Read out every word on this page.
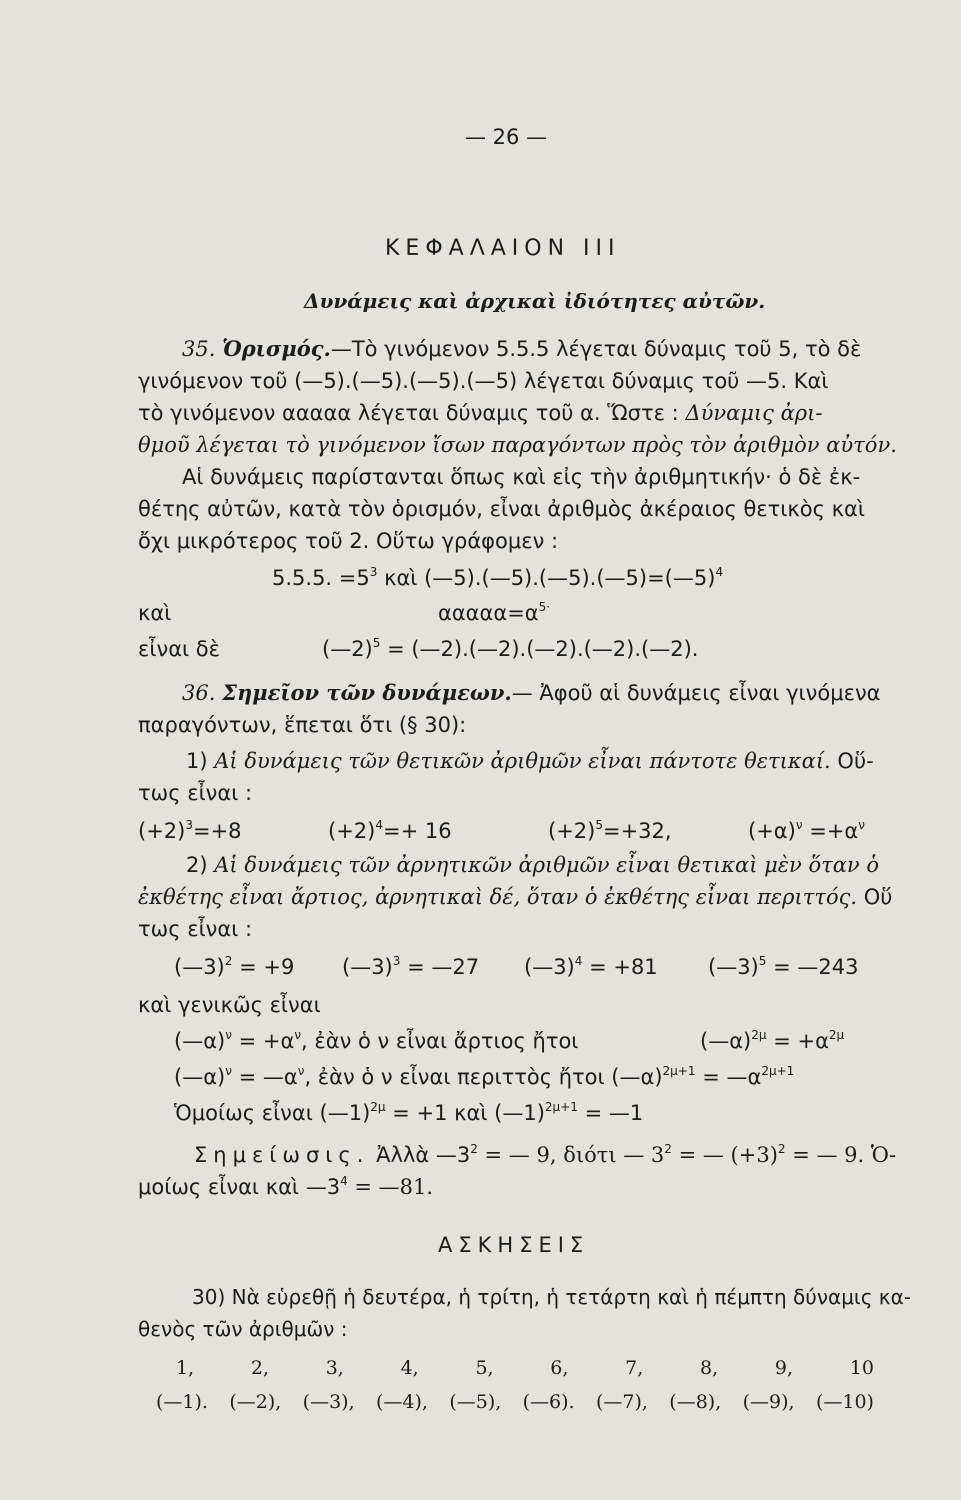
— 26 —
ΚΕΦΑΛΑΙΟΝ III
Δυνάμεις καὶ ἀρχικαὶ ἰδιότητες αὐτῶν.
35. Ὁρισμός.—Τὸ γινόμενον 5.5.5 λέγεται δύναμις τοῦ 5, τὸ δὲ
γινόμενον τοῦ (—5).(—5).(—5).(—5) λέγεται δύναμις τοῦ —5. Καὶ
τὸ γινόμενον ααααα λέγεται δύναμις τοῦ α. Ὥστε : Δύναμις ἀρι-
θμοῦ λέγεται τὸ γινόμενον ἴσων παραγόντων πρὸς τὸν ἀριθμὸν αὐτόν.
Αἱ δυνάμεις παρίστανται ὅπως καὶ εἰς τὴν ἀριθμητικήν· ὁ δὲ ἐκ-
θέτης αὐτῶν, κατὰ τὸν ὁρισμόν, εἶναι ἀριθμὸς ἀκέραιος θετικὸς καὶ
ὄχι μικρότερος τοῦ 2. Οὕτω γράφομεν :
5.5.5. $=5^3$ καὶ (—5).(—5).(—5).(—5)=(—5)$^4$
καὶ	$\alpha\alpha\alpha\alpha\alpha=\alpha^{5\cdot}$
εἶναι δὲ	(—2)$^5$ = (—2).(—2).(—2).(—2).(—2).
36. Σημεῖον τῶν δυνάμεων.— Ἀφοῦ αἱ δυνάμεις εἶναι γινόμενα
παραγόντων, ἕπεται ὅτι (§ 30):
1) Αἱ δυνάμεις τῶν θετικῶν ἀριθμῶν εἶναι πάντοτε θετικαί. Οὕ-
τως εἶναι :
$(+2)^3=+8$	$(+2)^4=+ 16$	$(+2)^5=+32$,	$(+\alpha)^\nu =+\alpha^\nu$
2) Αἱ δυνάμεις τῶν ἀρνητικῶν ἀριθμῶν εἶναι θετικαὶ μὲν ὅταν ὁ
ἐκθέτης εἶναι ἄρτιος, ἀρνητικαὶ δέ, ὅταν ὁ ἐκθέτης εἶναι περιττός. Οὕ
τως εἶναι :
(—3)$^2$ = +9 (—3)$^3$ = —27 (—3)$^4$ = +81 (—3)$^5$ = —243
καὶ γενικῶς εἶναι
(—α)$^\nu$ = $+\alpha^\nu$, ἐὰν ὁ ν εἶναι ἄρτιος ἤτοι	(—α)$^{2\mu}$ = $+\alpha^{2\mu}$
(—α)$^\nu$ = $—\alpha^\nu$, ἐὰν ὁ ν εἶναι περιττὸς ἤτοι (—α)$^{2\mu+1}$ = $—\alpha^{2\mu+1}$
Ὁμοίως εἶναι (—1)$^{2\mu}$ = +1 καὶ (—1)$^{2\mu+1}$ = —1
Σημείωσις. Ἀλλὰ $—3^2$ = — 9, διότι — $3^2$ = — $(+3)^2$ = — 9. Ὁ-
μοίως εἶναι καὶ $—3^4$ = —81.
ΑΣΚΗΣΕΙΣ
30) Νὰ εὑρεθῇ ἡ δευτέρα, ἡ τρίτη, ἡ τετάρτη καὶ ἡ πέμπτη δύναμις κα-
θενὸς τῶν ἀριθμῶν :
1,	2,	3,	4,	5,	6,	7,	8,	9,	10
(—1). (—2), (—3), (—4), (—5), (—6). (—7), (—8), (—9), (—10)
